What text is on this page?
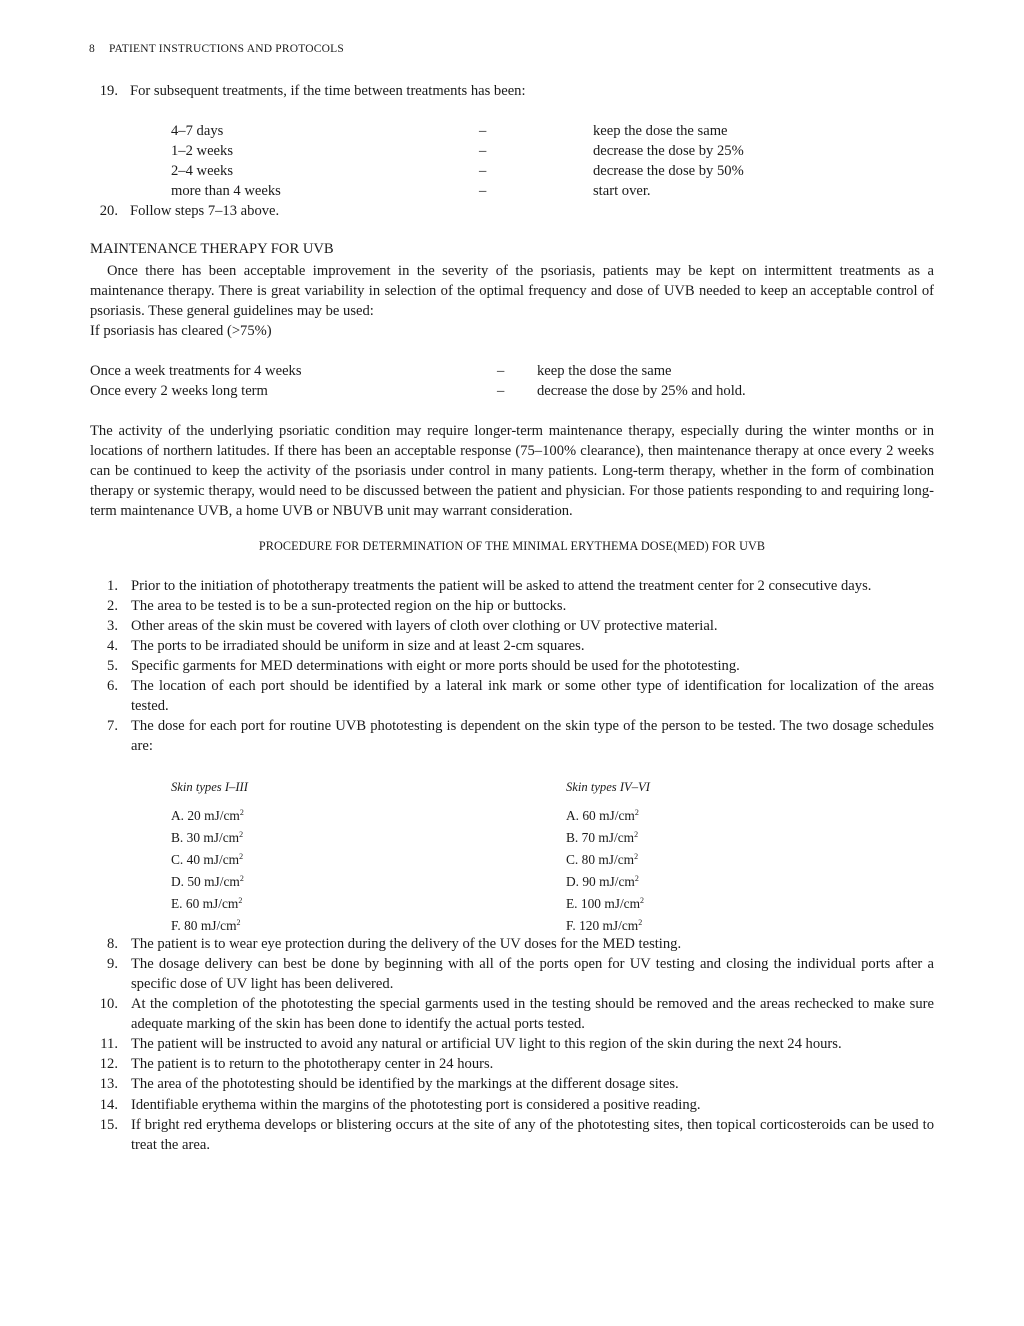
8 PATIENT INSTRUCTIONS AND PROTOCOLS
19. For subsequent treatments, if the time between treatments has been:
4–7 days	–	keep the dose the same
1–2 weeks	–	decrease the dose by 25%
2–4 weeks	–	decrease the dose by 50%
more than 4 weeks	–	start over.
20. Follow steps 7–13 above.
MAINTENANCE THERAPY FOR UVB
Once there has been acceptable improvement in the severity of the psoriasis, patients may be kept on intermittent treatments as a maintenance therapy. There is great variability in selection of the optimal frequency and dose of UVB needed to keep an acceptable control of psoriasis. These general guidelines may be used:
If psoriasis has cleared (>75%)
Once a week treatments for 4 weeks	– keep the dose the same
Once every 2 weeks long term	– decrease the dose by 25% and hold.
The activity of the underlying psoriatic condition may require longer-term maintenance therapy, especially during the winter months or in locations of northern latitudes. If there has been an acceptable response (75–100% clearance), then maintenance therapy at once every 2 weeks can be continued to keep the activity of the psoriasis under control in many patients. Long-term therapy, whether in the form of combination therapy or systemic therapy, would need to be discussed between the patient and physician. For those patients responding to and requiring long-term maintenance UVB, a home UVB or NBUVB unit may warrant consideration.
PROCEDURE FOR DETERMINATION OF THE MINIMAL ERYTHEMA DOSE(MED) FOR UVB
1. Prior to the initiation of phototherapy treatments the patient will be asked to attend the treatment center for 2 consecutive days.
2. The area to be tested is to be a sun-protected region on the hip or buttocks.
3. Other areas of the skin must be covered with layers of cloth over clothing or UV protective material.
4. The ports to be irradiated should be uniform in size and at least 2-cm squares.
5. Specific garments for MED determinations with eight or more ports should be used for the phototesting.
6. The location of each port should be identified by a lateral ink mark or some other type of identification for localization of the areas tested.
7. The dose for each port for routine UVB phototesting is dependent on the skin type of the person to be tested. The two dosage schedules are:
Skin types I–III	Skin types IV–VI
A. 20 $mJ/cm^2$	A. 60 $mJ/cm^2$
B. 30 $mJ/cm^2$	B. 70 $mJ/cm^2$
C. 40 $mJ/cm^2$	C. 80 $mJ/cm^2$
D. 50 $mJ/cm^2$	D. 90 $mJ/cm^2$
E. 60 $mJ/cm^2$	E. 100 $mJ/cm^2$
F. 80 $mJ/cm^2$	F. 120 $mJ/cm^2$
8. The patient is to wear eye protection during the delivery of the UV doses for the MED testing.
9. The dosage delivery can best be done by beginning with all of the ports open for UV testing and closing the individual ports after a specific dose of UV light has been delivered.
10. At the completion of the phototesting the special garments used in the testing should be removed and the areas rechecked to make sure adequate marking of the skin has been done to identify the actual ports tested.
11. The patient will be instructed to avoid any natural or artificial UV light to this region of the skin during the next 24 hours.
12. The patient is to return to the phototherapy center in 24 hours.
13. The area of the phototesting should be identified by the markings at the different dosage sites.
14. Identifiable erythema within the margins of the phototesting port is considered a positive reading.
15. If bright red erythema develops or blistering occurs at the site of any of the phototesting sites, then topical corticosteroids can be used to treat the area.
